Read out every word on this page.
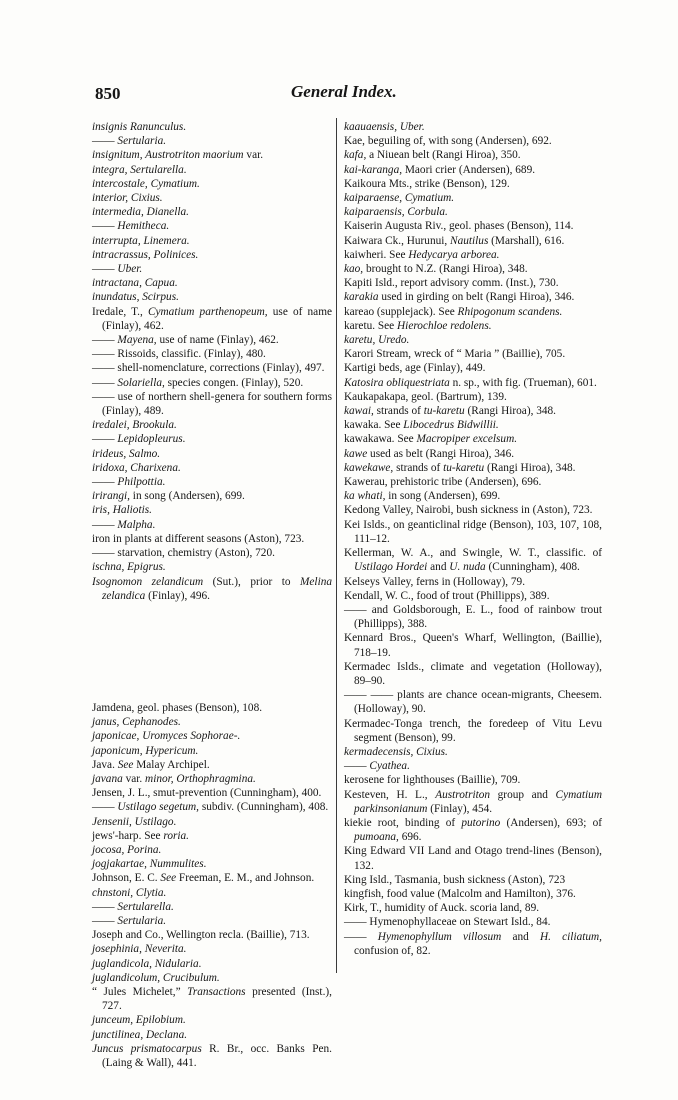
850	General Index.
insignis Ranunculus.
—— Sertularia.
insignitum, Austrotriton maorium var.
integra, Sertularella.
intercostale, Cymatium.
interior, Cixius.
intermedia, Dianella.
—— Hemitheca.
interrupta, Linemera.
intracrassus, Polinices.
—— Uber.
intractana, Capua.
inundatus, Scirpus.
Iredale, T., Cymatium parthenopeum, use of name (Finlay), 462.
—— Mayena, use of name (Finlay), 462.
—— Rissoids, classific. (Finlay), 480.
—— shell-nomenclature, corrections (Finlay), 497.
—— Solariella, species congen. (Finlay), 520.
—— use of northern shell-genera for southern forms (Finlay), 489.
iredalei, Brookula.
—— Lepidopleurus.
irideus, Salmo.
iridoxa, Charixena.
—— Philpottia.
irirangi, in song (Andersen), 699.
iris, Haliotis.
—— Malpha.
iron in plants at different seasons (Aston), 723.
—— starvation, chemistry (Aston), 720.
ischna, Epigrus.
Isognomon zelandicum (Sut.), prior to Melina zelandica (Finlay), 496.
Jamdena, geol. phases (Benson), 108.
janus, Cephanodes.
japonicae, Uromyces Sophorae-.
japonicum, Hypericum.
Java. See Malay Archipel.
javana var. minor, Orthophragmina.
Jensen, J. L., smut-prevention (Cunningham), 400.
—— Ustilago segetum, subdiv. (Cunningham), 408.
Jensenii, Ustilago.
jews'-harp. See roria.
jocosa, Porina.
jogjakartae, Nummulites.
Johnson, E. C. See Freeman, E. M., and Johnson.
chnstoni, Clytia.
—— Sertularella.
—— Sertularia.
Joseph and Co., Wellington recla. (Baillie), 713.
josephinia, Neverita.
juglandicola, Nidularia.
juglandicolum, Crucibulum.
“ Jules Michelet,” Transactions presented (Inst.), 727.
junceum, Epilobium.
junctilinea, Declana.
Juncus prismatocarpus R. Br., occ. Banks Pen. (Laing & Wall), 441.
kaauaensis, Uber.
Kae, beguiling of, with song (Andersen), 692.
kafa, a Niuean belt (Rangi Hiroa), 350.
kai-karanga, Maori crier (Andersen), 689.
Kaikoura Mts., strike (Benson), 129.
kaiparaense, Cymatium.
kaiparaensis, Corbula.
Kaiserin Augusta Riv., geol. phases (Benson), 114.
Kaiwara Ck., Hurunui, Nautilus (Marshall), 616.
kaiwheri. See Hedycarya arborea.
kao, brought to N.Z. (Rangi Hiroa), 348.
Kapiti Isld., report advisory comm. (Inst.), 730.
karakia used in girding on belt (Rangi Hiroa), 346.
kareao (supplejack). See Rhipogonum scandens.
karetu. See Hierochloe redolens.
karetu, Uredo.
Karori Stream, wreck of “ Maria ” (Baillie), 705.
Kartigi beds, age (Finlay), 449.
Katosira obliquestriata n. sp., with fig. (Trueman), 601.
Kaukapakapa, geol. (Bartrum), 139.
kawai, strands of tu-karetu (Rangi Hiroa), 348.
kawaka. See Libocedrus Bidwillii.
kawakawa. See Macropiper excelsum.
kawe used as belt (Rangi Hiroa), 346.
kawekawe, strands of tu-karetu (Rangi Hiroa), 348.
Kawerau, prehistoric tribe (Andersen), 696.
ka whati, in song (Andersen), 699.
Kedong Valley, Nairobi, bush sickness in (Aston), 723.
Kei Islds., on geanticlinal ridge (Benson), 103, 107, 108, 111–12.
Kellerman, W. A., and Swingle, W. T., classific. of Ustilago Hordei and U. nuda (Cunningham), 408.
Kelseys Valley, ferns in (Holloway), 79.
Kendall, W. C., food of trout (Phillipps), 389.
—— and Goldsborough, E. L., food of rainbow trout (Phillipps), 388.
Kennard Bros., Queen's Wharf, Wellington, (Baillie), 718–19.
Kermadec Islds., climate and vegetation (Holloway), 89–90.
—— —— plants are chance ocean-migrants, Cheesem. (Holloway), 90.
Kermadec-Tonga trench, the foredeep of Vitu Levu segment (Benson), 99.
kermadecensis, Cixius.
—— Cyathea.
kerosene for lighthouses (Baillie), 709.
Kesteven, H. L., Austrotriton group and Cymatium parkinsonianum (Finlay), 454.
kiekie root, binding of putorino (Andersen), 693; of pumoana, 696.
King Edward VII Land and Otago trend-lines (Benson), 132.
King Isld., Tasmania, bush sickness (Aston), 723
kingfish, food value (Malcolm and Hamilton), 376.
Kirk, T., humidity of Auck. scoria land, 89.
—— Hymenophyllaceae on Stewart Isld., 84.
—— Hymenophyllum villosum and H. ciliatum, confusion of, 82.
